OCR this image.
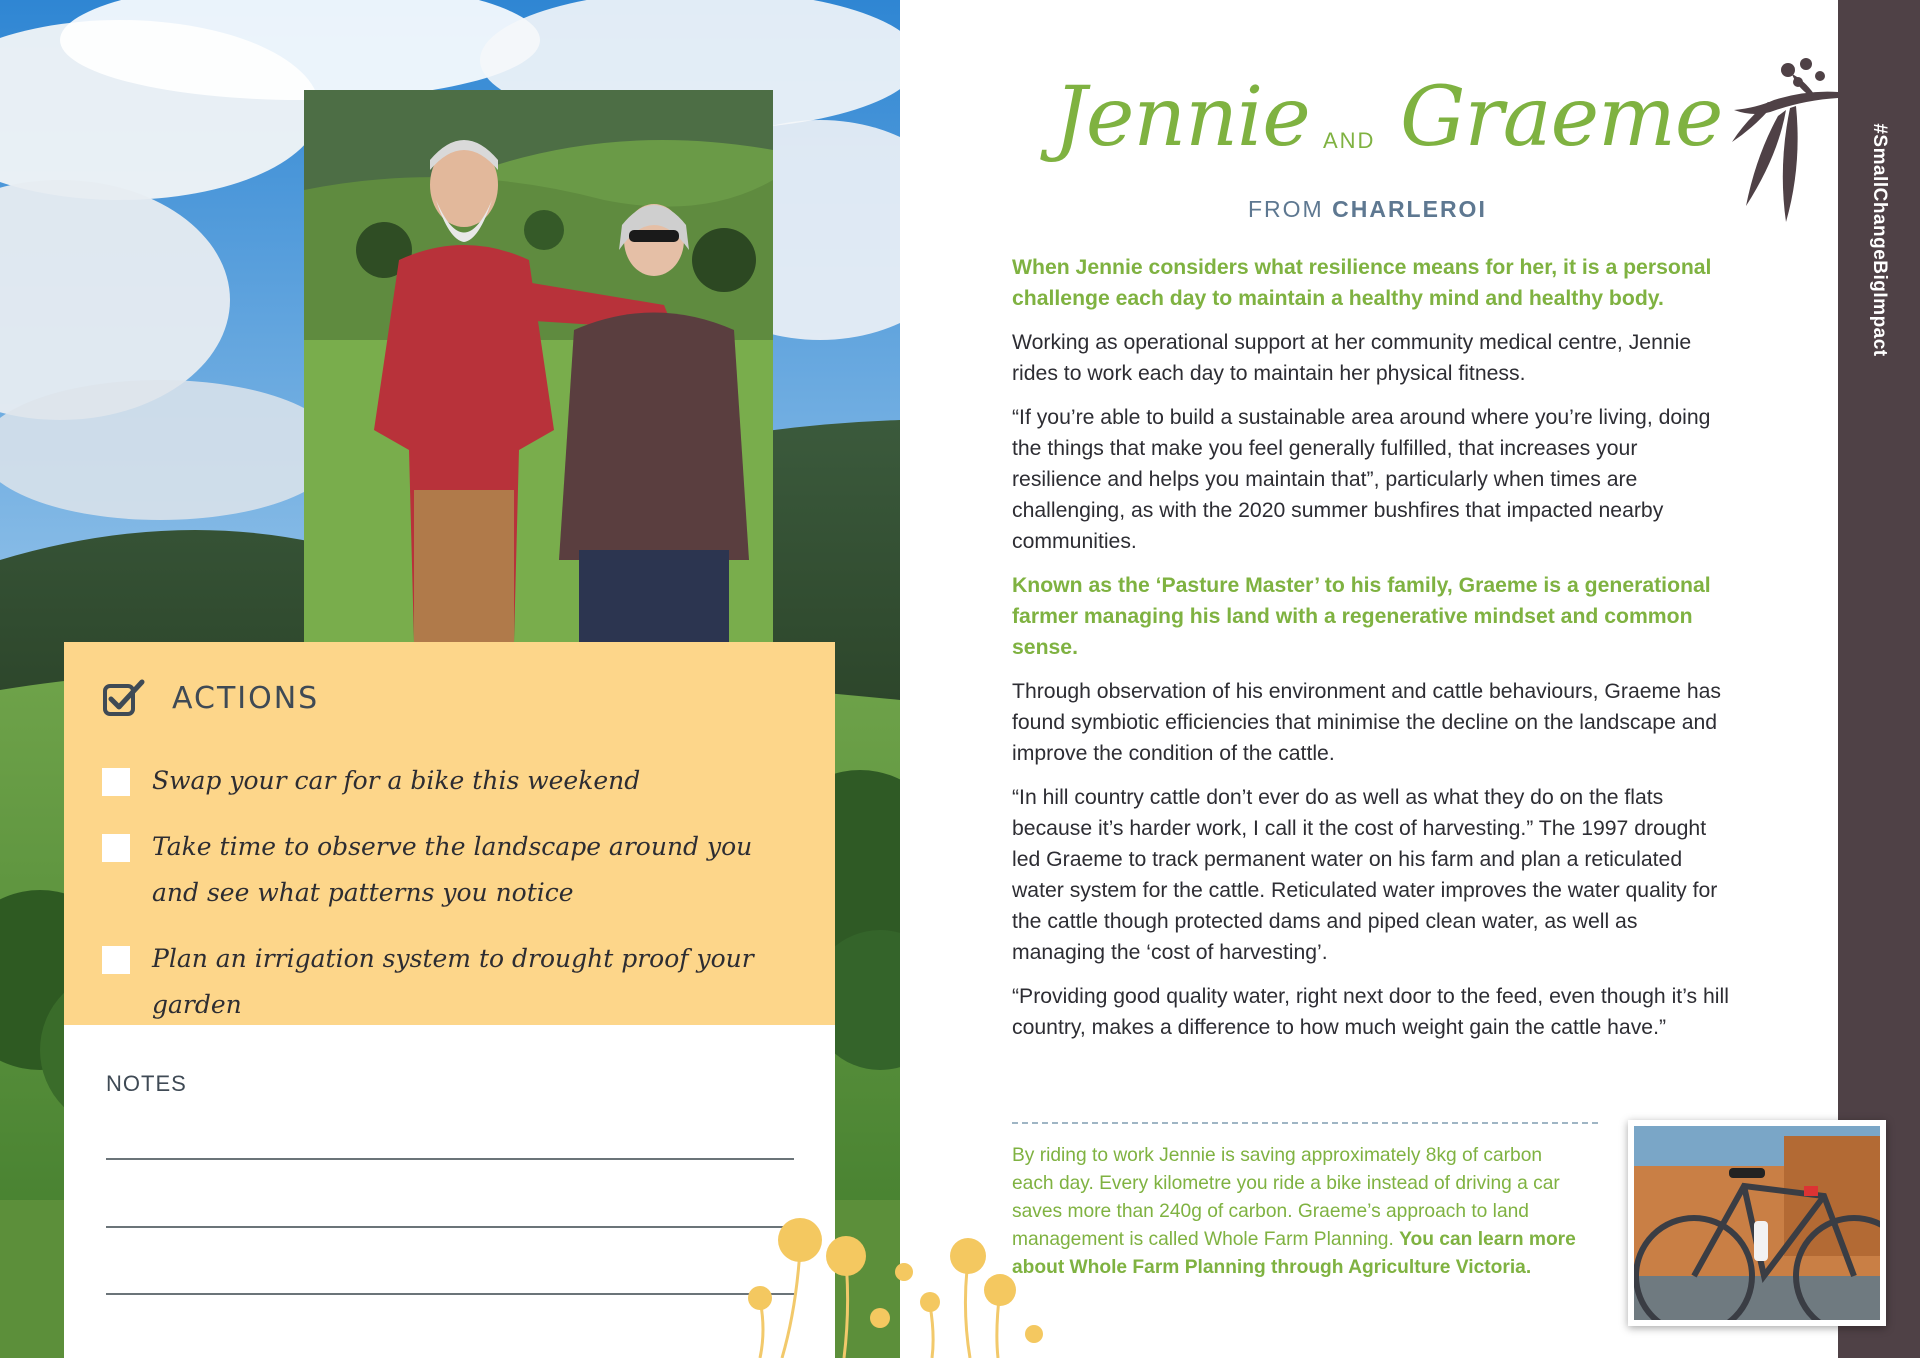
ACTIONS
Swap your car for a bike this weekend
Take time to observe the landscape around you and see what patterns you notice
Plan an irrigation system to drought proof your garden
NOTES
Jennie AND Graeme
FROM CHARLEROI

When Jennie considers what resilience means for her, it is a personal challenge each day to maintain a healthy mind and healthy body.

Working as operational support at her community medical centre, Jennie rides to work each day to maintain her physical fitness.

“If you’re able to build a sustainable area around where you’re living, doing the things that make you feel generally fulfilled, that increases your resilience and helps you maintain that”, particularly when times are challenging, as with the 2020 summer bushfires that impacted nearby communities.

Known as the ‘Pasture Master’ to his family, Graeme is a generational farmer managing his land with a regenerative mindset and common sense.

Through observation of his environment and cattle behaviours, Graeme has found symbiotic efficiencies that minimise the decline on the landscape and improve the condition of the cattle.

“In hill country cattle don’t ever do as well as what they do on the flats because it’s harder work, I call it the cost of harvesting.” The 1997 drought led Graeme to track permanent water on his farm and plan a reticulated water system for the cattle. Reticulated water improves the water quality for the cattle though protected dams and piped clean water, as well as managing the ‘cost of harvesting’.

“Providing good quality water, right next door to the feed, even though it’s hill country, makes a difference to how much weight gain the cattle have.”

By riding to work Jennie is saving approximately 8kg of carbon each day. Every kilometre you ride a bike instead of driving a car saves more than 240g of carbon. Graeme’s approach to land management is called Whole Farm Planning. You can learn more about Whole Farm Planning through Agriculture Victoria.
#SmallChangeBigImpact
